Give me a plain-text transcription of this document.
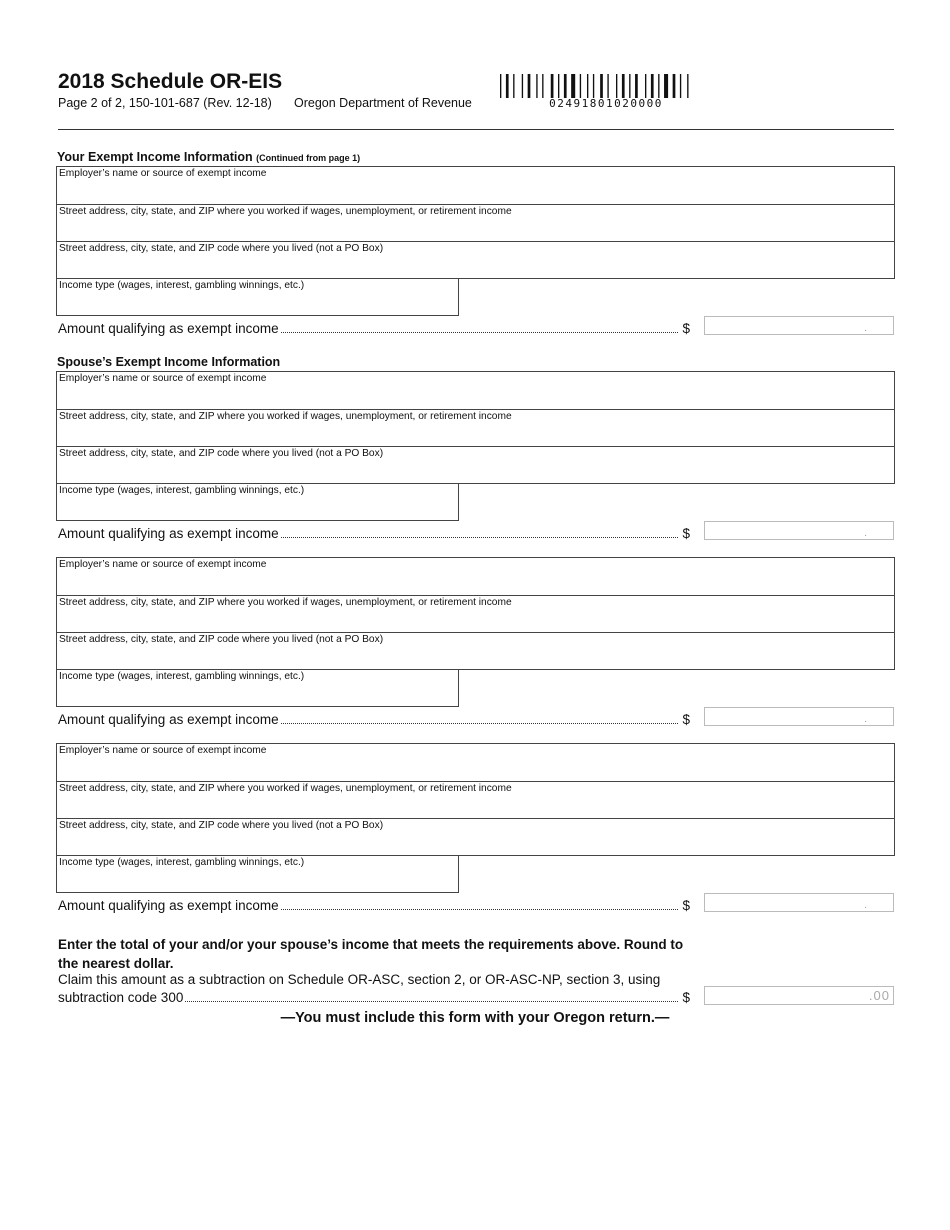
2018 Schedule OR-EIS
Page 2 of 2, 150-101-687 (Rev. 12-18) Oregon Department of Revenue	02491801020000
Your Exempt Income Information (Continued from page 1)
Spouse’s Exempt Income Information
Employer’s name or source of exempt income
Street address, city, state, and ZIP where you worked if wages, unemployment, or retirement income
Street address, city, state, and ZIP code where you lived (not a PO Box)
Income type (wages, interest, gambling winnings, etc.)
Amount qualifying as exempt income	$	.
Employer’s name or source of exempt income
Street address, city, state, and ZIP where you worked if wages, unemployment, or retirement income
Street address, city, state, and ZIP code where you lived (not a PO Box)
Income type (wages, interest, gambling winnings, etc.)
Amount qualifying as exempt income	$	.
Employer’s name or source of exempt income
Street address, city, state, and ZIP where you worked if wages, unemployment, or retirement income
Street address, city, state, and ZIP code where you lived (not a PO Box)
Income type (wages, interest, gambling winnings, etc.)
Amount qualifying as exempt income	$	.
Employer’s name or source of exempt income
Street address, city, state, and ZIP where you worked if wages, unemployment, or retirement income
Street address, city, state, and ZIP code where you lived (not a PO Box)
Income type (wages, interest, gambling winnings, etc.)
Amount qualifying as exempt income	$	.
Enter the total of your and/or your spouse’s income that meets the requirements above. Round to the nearest dollar.
Claim this amount as a subtraction on Schedule OR-ASC, section 2, or OR-ASC-NP, section 3, using
subtraction code 300	$	.00
—You must include this form with your Oregon return.—
